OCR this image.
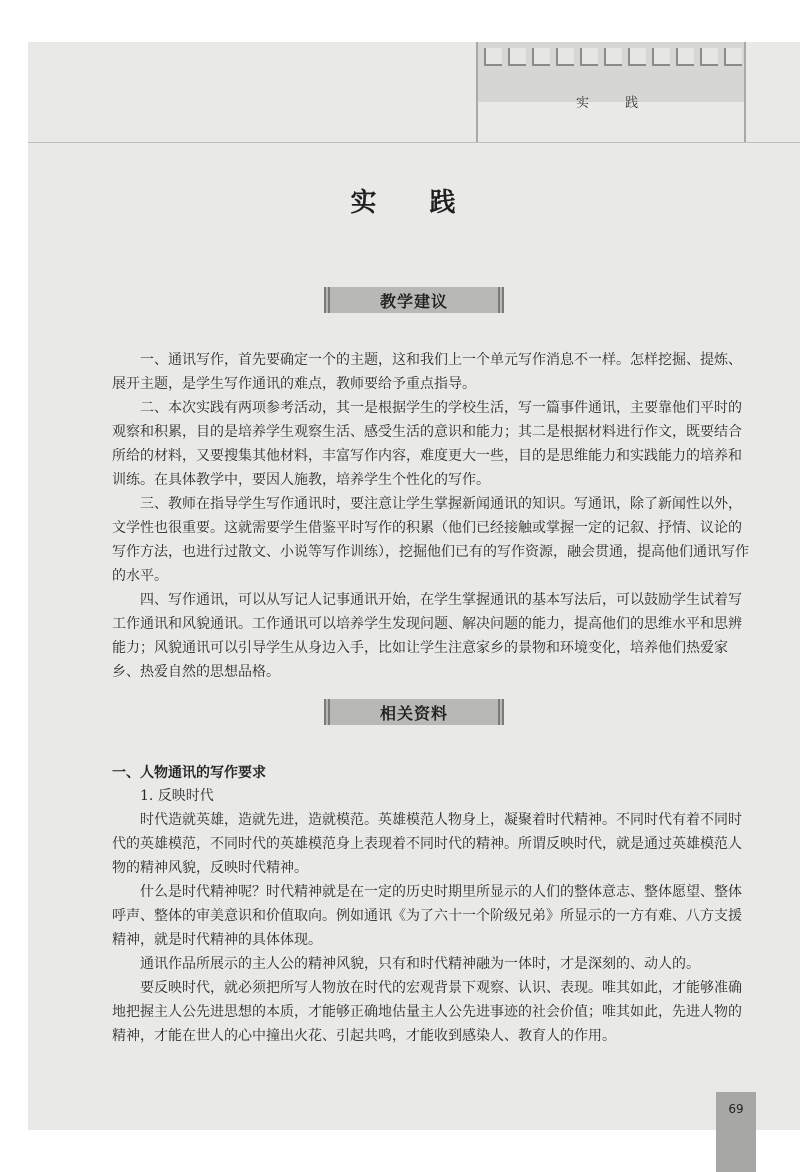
实 践
实 践
教学建议

一、通讯写作，首先要确定一个的主题，这和我们上一个单元写作消息不一样。怎样挖掘、提炼、展开主题，是学生写作通讯的难点，教师要给予重点指导。

二、本次实践有两项参考活动，其一是根据学生的学校生活，写一篇事件通讯，主要靠他们平时的观察和积累，目的是培养学生观察生活、感受生活的意识和能力；其二是根据材料进行作文，既要结合所给的材料，又要搜集其他材料，丰富写作内容，难度更大一些，目的是思维能力和实践能力的培养和训练。在具体教学中，要因人施教，培养学生个性化的写作。

三、教师在指导学生写作通讯时，要注意让学生掌握新闻通讯的知识。写通讯，除了新闻性以外，文学性也很重要。这就需要学生借鉴平时写作的积累（他们已经接触或掌握一定的记叙、抒情、议论的写作方法，也进行过散文、小说等写作训练），挖掘他们已有的写作资源，融会贯通，提高他们通讯写作的水平。

四、写作通讯，可以从写记人记事通讯开始，在学生掌握通讯的基本写法后，可以鼓励学生试着写工作通讯和风貌通讯。工作通讯可以培养学生发现问题、解决问题的能力，提高他们的思维水平和思辨能力；风貌通讯可以引导学生从身边入手，比如让学生注意家乡的景物和环境变化，培养他们热爱家乡、热爱自然的思想品格。

相关资料
一、人物通讯的写作要求

1. 反映时代

时代造就英雄，造就先进，造就模范。英雄模范人物身上，凝聚着时代精神。不同时代有着不同时代的英雄模范，不同时代的英雄模范身上表现着不同时代的精神。所谓反映时代，就是通过英雄模范人物的精神风貌，反映时代精神。

什么是时代精神呢？时代精神就是在一定的历史时期里所显示的人们的整体意志、整体愿望、整体呼声、整体的审美意识和价值取向。例如通讯《为了六十一个阶级兄弟》所显示的一方有难、八方支援精神，就是时代精神的具体体现。

通讯作品所展示的主人公的精神风貌，只有和时代精神融为一体时，才是深刻的、动人的。

要反映时代，就必须把所写人物放在时代的宏观背景下观察、认识、表现。唯其如此，才能够准确地把握主人公先进思想的本质，才能够正确地估量主人公先进事迹的社会价值；唯其如此，先进人物的精神，才能在世人的心中撞出火花、引起共鸣，才能收到感染人、教育人的作用。

69
